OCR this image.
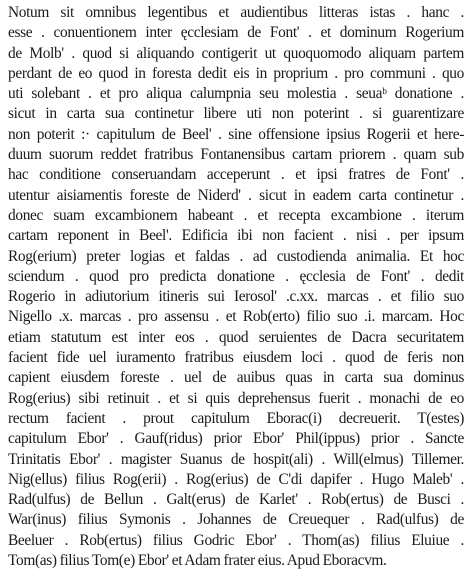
Notum sit omnibus legentibus et audientibus litteras istas . hanc .
esse . conuentionem inter ęcclesiam de Font' . et dominum Rogerium
de Molb' . quod si aliquando contigerit ut quoquomodo aliquam partem
perdant de eo quod in foresta dedit eis in proprium . pro communi . quo
uti solebant . et pro aliqua calumpnia seu molestia . seuaᵇ donatione .
sicut in carta sua continetur libere uti non poterint . si guarentizare
non poterit :· capitulum de Beel' . sine offensione ipsius Rogerii et here-
duum suorum reddet fratribus Fontanensibus cartam priorem . quam sub
hac conditione conseruandam acceperunt . et ipsi fratres de Font' .
utentur aisiamentis foreste de Niderd' . sicut in eadem carta continetur .
donec suam excambionem habeant . et recepta excambione . iterum
cartam reponent in Beel'. Edificia ibi non facient . nisi . per ipsum
Rog(erium) preter logias et faldas . ad custodienda animalia. Et hoc
sciendum . quod pro predicta donatione . ęcclesia de Font' . dedit
Rogerio in adiutorium itineris sui Ierosol' .c.xx. marcas . et filio suo
Nigello .x. marcas . pro assensu . et Rob(erto) filio suo .i. marcam. Hoc
etiam statutum est inter eos . quod seruientes de Dacra securitatem
facient fide uel iuramento fratribus eiusdem loci . quod de feris non
capient eiusdem foreste . uel de auibus quas in carta sua dominus
Rog(erius) sibi retinuit . et si quis deprehensus fuerit . monachi de eo
rectum facient . prout capitulum Eborac(i) decreuerit. T(estes)
capitulum Ebor' . Gauf(ridus) prior Ebor' Phil(ippus) prior . Sancte
Trinitatis Ebor' . magister Suanus de hospit(ali) . Will(elmus) Tillemer.
Nig(ellus) filius Rog(erii) . Rog(erius) de C'di dapifer . Hugo Maleb' .
Rad(ulfus) de Bellun . Galt(erus) de Karlet' . Rob(ertus) de Busci .
War(inus) filius Symonis . Johannes de Creuequer . Rad(ulfus) de
Beeluer . Rob(ertus) filius Godric Ebor' . Thom(as) filius Eluiue .
Tom(as) filius Tom(e) Ebor' et Adam frater eius. Apud Eboracvm.
